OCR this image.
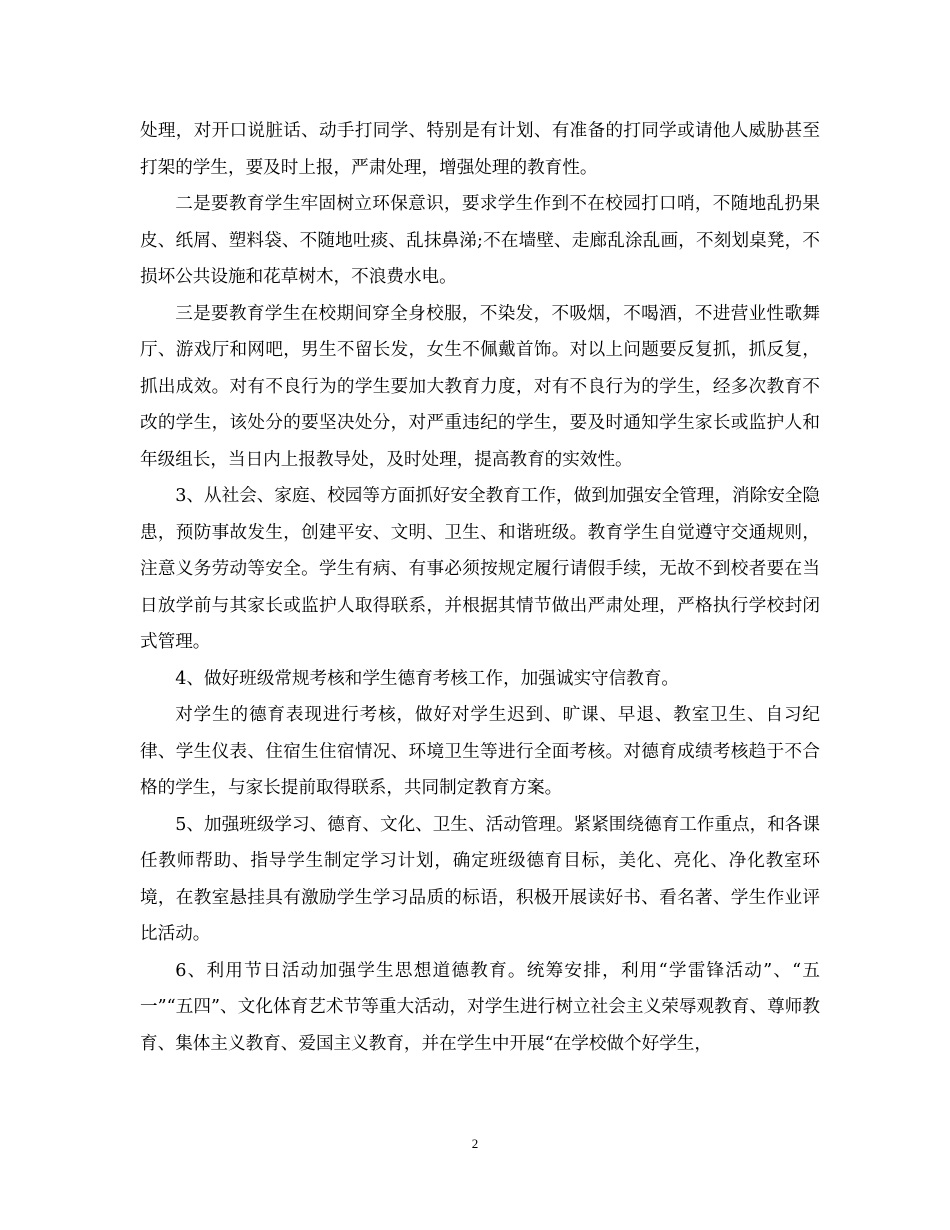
处理，对开口说脏话、动手打同学、特别是有计划、有准备的打同学或请他人威胁甚至打架的学生，要及时上报，严肃处理，增强处理的教育性。

二是要教育学生牢固树立环保意识，要求学生作到不在校园打口哨，不随地乱扔果皮、纸屑、塑料袋、不随地吐痰、乱抹鼻涕;不在墙壁、走廊乱涂乱画，不刻划桌凳，不损坏公共设施和花草树木，不浪费水电。

三是要教育学生在校期间穿全身校服，不染发，不吸烟，不喝酒，不进营业性歌舞厅、游戏厅和网吧，男生不留长发，女生不佩戴首饰。对以上问题要反复抓，抓反复，抓出成效。对有不良行为的学生要加大教育力度，对有不良行为的学生，经多次教育不改的学生，该处分的要坚决处分，对严重违纪的学生，要及时通知学生家长或监护人和年级组长，当日内上报教导处，及时处理，提高教育的实效性。

3、从社会、家庭、校园等方面抓好安全教育工作，做到加强安全管理，消除安全隐患，预防事故发生，创建平安、文明、卫生、和谐班级。教育学生自觉遵守交通规则，注意义务劳动等安全。学生有病、有事必须按规定履行请假手续，无故不到校者要在当日放学前与其家长或监护人取得联系，并根据其情节做出严肃处理，严格执行学校封闭式管理。

4、做好班级常规考核和学生德育考核工作，加强诚实守信教育。

对学生的德育表现进行考核，做好对学生迟到、旷课、早退、教室卫生、自习纪律、学生仪表、住宿生住宿情况、环境卫生等进行全面考核。对德育成绩考核趋于不合格的学生，与家长提前取得联系，共同制定教育方案。

5、加强班级学习、德育、文化、卫生、活动管理。紧紧围绕德育工作重点，和各课任教师帮助、指导学生制定学习计划，确定班级德育目标，美化、亮化、净化教室环境，在教室悬挂具有激励学生学习品质的标语，积极开展读好书、看名著、学生作业评比活动。

6、利用节日活动加强学生思想道德教育。统筹安排，利用“学雷锋活动”、“五一”“五四”、文化体育艺术节等重大活动，对学生进行树立社会主义荣辱观教育、尊师教育、集体主义教育、爱国主义教育，并在学生中开展“在学校做个好学生，

2
